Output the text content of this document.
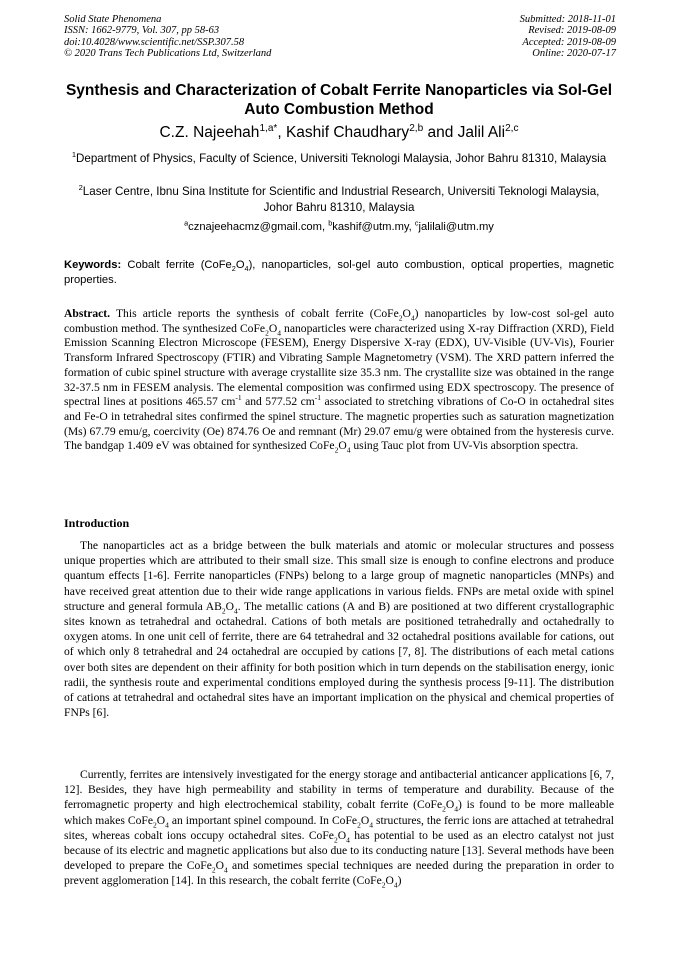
Solid State Phenomena
ISSN: 1662-9779, Vol. 307, pp 58-63
doi:10.4028/www.scientific.net/SSP.307.58
© 2020 Trans Tech Publications Ltd, Switzerland
Submitted: 2018-11-01
Revised: 2019-08-09
Accepted: 2019-08-09
Online: 2020-07-17
Synthesis and Characterization of Cobalt Ferrite Nanoparticles via Sol-Gel Auto Combustion Method
C.Z. Najeehah$^{1,a*}$, Kashif Chaudhary$^{2,b}$ and Jalil Ali$^{2,c}$
$^1$Department of Physics, Faculty of Science, Universiti Teknologi Malaysia, Johor Bahru 81310, Malaysia
$^2$Laser Centre, Ibnu Sina Institute for Scientific and Industrial Research, Universiti Teknologi Malaysia, Johor Bahru 81310, Malaysia
$^a$cznajeehacmz@gmail.com, $^b$kashif@utm.my, $^c$jalilali@utm.my
Keywords: Cobalt ferrite $(CoFe_2O_4)$, nanoparticles, sol-gel auto combustion, optical properties, magnetic properties.
Abstract. This article reports the synthesis of cobalt ferrite $(CoFe_2O_4)$ nanoparticles by low-cost sol-gel auto combustion method. The synthesized $CoFe_2O_4$ nanoparticles were characterized using X-ray Diffraction (XRD), Field Emission Scanning Electron Microscope (FESEM), Energy Dispersive X-ray (EDX), UV-Visible (UV-Vis), Fourier Transform Infrared Spectroscopy (FTIR) and Vibrating Sample Magnetometry (VSM). The XRD pattern inferred the formation of cubic spinel structure with average crystallite size 35.3 nm. The crystallite size was obtained in the range 32-37.5 nm in FESEM analysis. The elemental composition was confirmed using EDX spectroscopy. The presence of spectral lines at positions 465.57 $cm^{-1}$ and 577.52 $cm^{-1}$ associated to stretching vibrations of Co-O in octahedral sites and Fe-O in tetrahedral sites confirmed the spinel structure. The magnetic properties such as saturation magnetization (Ms) 67.79 emu/g, coercivity (Oe) 874.76 Oe and remnant (Mr) 29.07 emu/g were obtained from the hysteresis curve. The bandgap 1.409 eV was obtained for synthesized $CoFe_2O_4$ using Tauc plot from UV-Vis absorption spectra.
Introduction
The nanoparticles act as a bridge between the bulk materials and atomic or molecular structures and possess unique properties which are attributed to their small size. This small size is enough to confine electrons and produce quantum effects [1-6]. Ferrite nanoparticles (FNPs) belong to a large group of magnetic nanoparticles (MNPs) and have received great attention due to their wide range applications in various fields. FNPs are metal oxide with spinel structure and general formula $AB_2O_4$. The metallic cations (A and B) are positioned at two different crystallographic sites known as tetrahedral and octahedral. Cations of both metals are positioned tetrahedrally and octahedrally to oxygen atoms. In one unit cell of ferrite, there are 64 tetrahedral and 32 octahedral positions available for cations, out of which only 8 tetrahedral and 24 octahedral are occupied by cations [7, 8]. The distributions of each metal cations over both sites are dependent on their affinity for both position which in turn depends on the stabilisation energy, ionic radii, the synthesis route and experimental conditions employed during the synthesis process [9-11]. The distribution of cations at tetrahedral and octahedral sites have an important implication on the physical and chemical properties of FNPs [6].
Currently, ferrites are intensively investigated for the energy storage and antibacterial anticancer applications [6, 7, 12]. Besides, they have high permeability and stability in terms of temperature and durability. Because of the ferromagnetic property and high electrochemical stability, cobalt ferrite $(CoFe_2O_4)$ is found to be more malleable which makes $CoFe_2O_4$ an important spinel compound. In $CoFe_2O_4$ structures, the ferric ions are attached at tetrahedral sites, whereas cobalt ions occupy octahedral sites. $CoFe_2O_4$ has potential to be used as an electro catalyst not just because of its electric and magnetic applications but also due to its conducting nature [13]. Several methods have been developed to prepare the $CoFe_2O_4$ and sometimes special techniques are needed during the preparation in order to prevent agglomeration [14]. In this research, the cobalt ferrite $(CoFe_2O_4)$
